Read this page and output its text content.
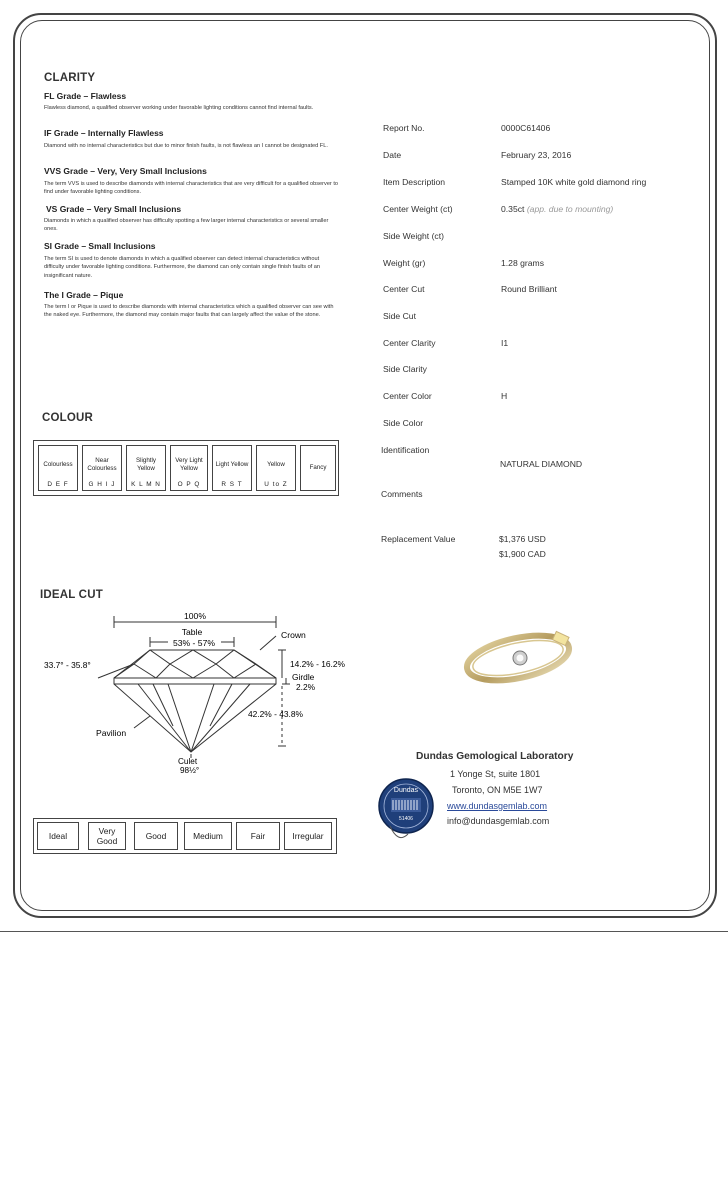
CLARITY
FL Grade – Flawless
Flawless diamond, a qualified observer working under favorable lighting conditions cannot find internal faults.
IF Grade – Internally Flawless
Diamond with no internal characteristics but due to minor finish faults, is not flawless an I cannot be designated FL.
VVS Grade – Very, Very Small Inclusions
The term VVS is used to describe diamonds with internal characteristics that are very difficult for a qualified observer to find under favorable lighting conditions.
VS Grade – Very Small Inclusions
Diamonds in which a qualified observer has difficulty spotting a few larger internal characteristics or several smaller ones.
SI Grade – Small Inclusions
The term SI is used to denote diamonds in which a qualified observer can detect internal characteristics without difficulty under favorable lighting conditions. Furthermore, the diamond can only contain single finish faults of an insignificant nature.
The I Grade – Pique
The term I or Pique is used to describe diamonds with internal characteristics which a qualified observer can see with the naked eye. Furthermore, the diamond may contain major faults that can largely affect the value of the stone.
COLOUR
Colourless
D E F
Near Colourless
G H I J
Slightly Yellow
K L M N
Very Light Yellow
O P Q
Light Yellow
R S T
Yellow
U to Z
Fancy
IDEAL CUT
100%
Table
53% - 57%
Crown
33.7° - 35.8°	14.2% - 16.2%
Girdle
2.2%
42.2% - 43.8%
Pavilion
Culet
98½°
Ideal	Very Good	Good	Medium	Fair	Irregular
Report No.	0000C61406
Date	February 23, 2016
Item Description	Stamped 10K white gold diamond ring
Center Weight (ct)	0.35ct (app. due to mounting)
Side Weight (ct)
Weight (gr)	1.28 grams
Center Cut	Round Brilliant
Side Cut
Center Clarity	I1
Side Clarity
Center Color	H
Side Color
Identification
NATURAL DIAMOND
Comments
Replacement Value	$1,376 USD
$1,900 CAD
Dundas Gemological Laboratory
1 Yonge St, suite 1801
Toronto, ON M5E 1W7
www.dundasgemlab.com
info@dundasgemlab.com
Dundas
51406
